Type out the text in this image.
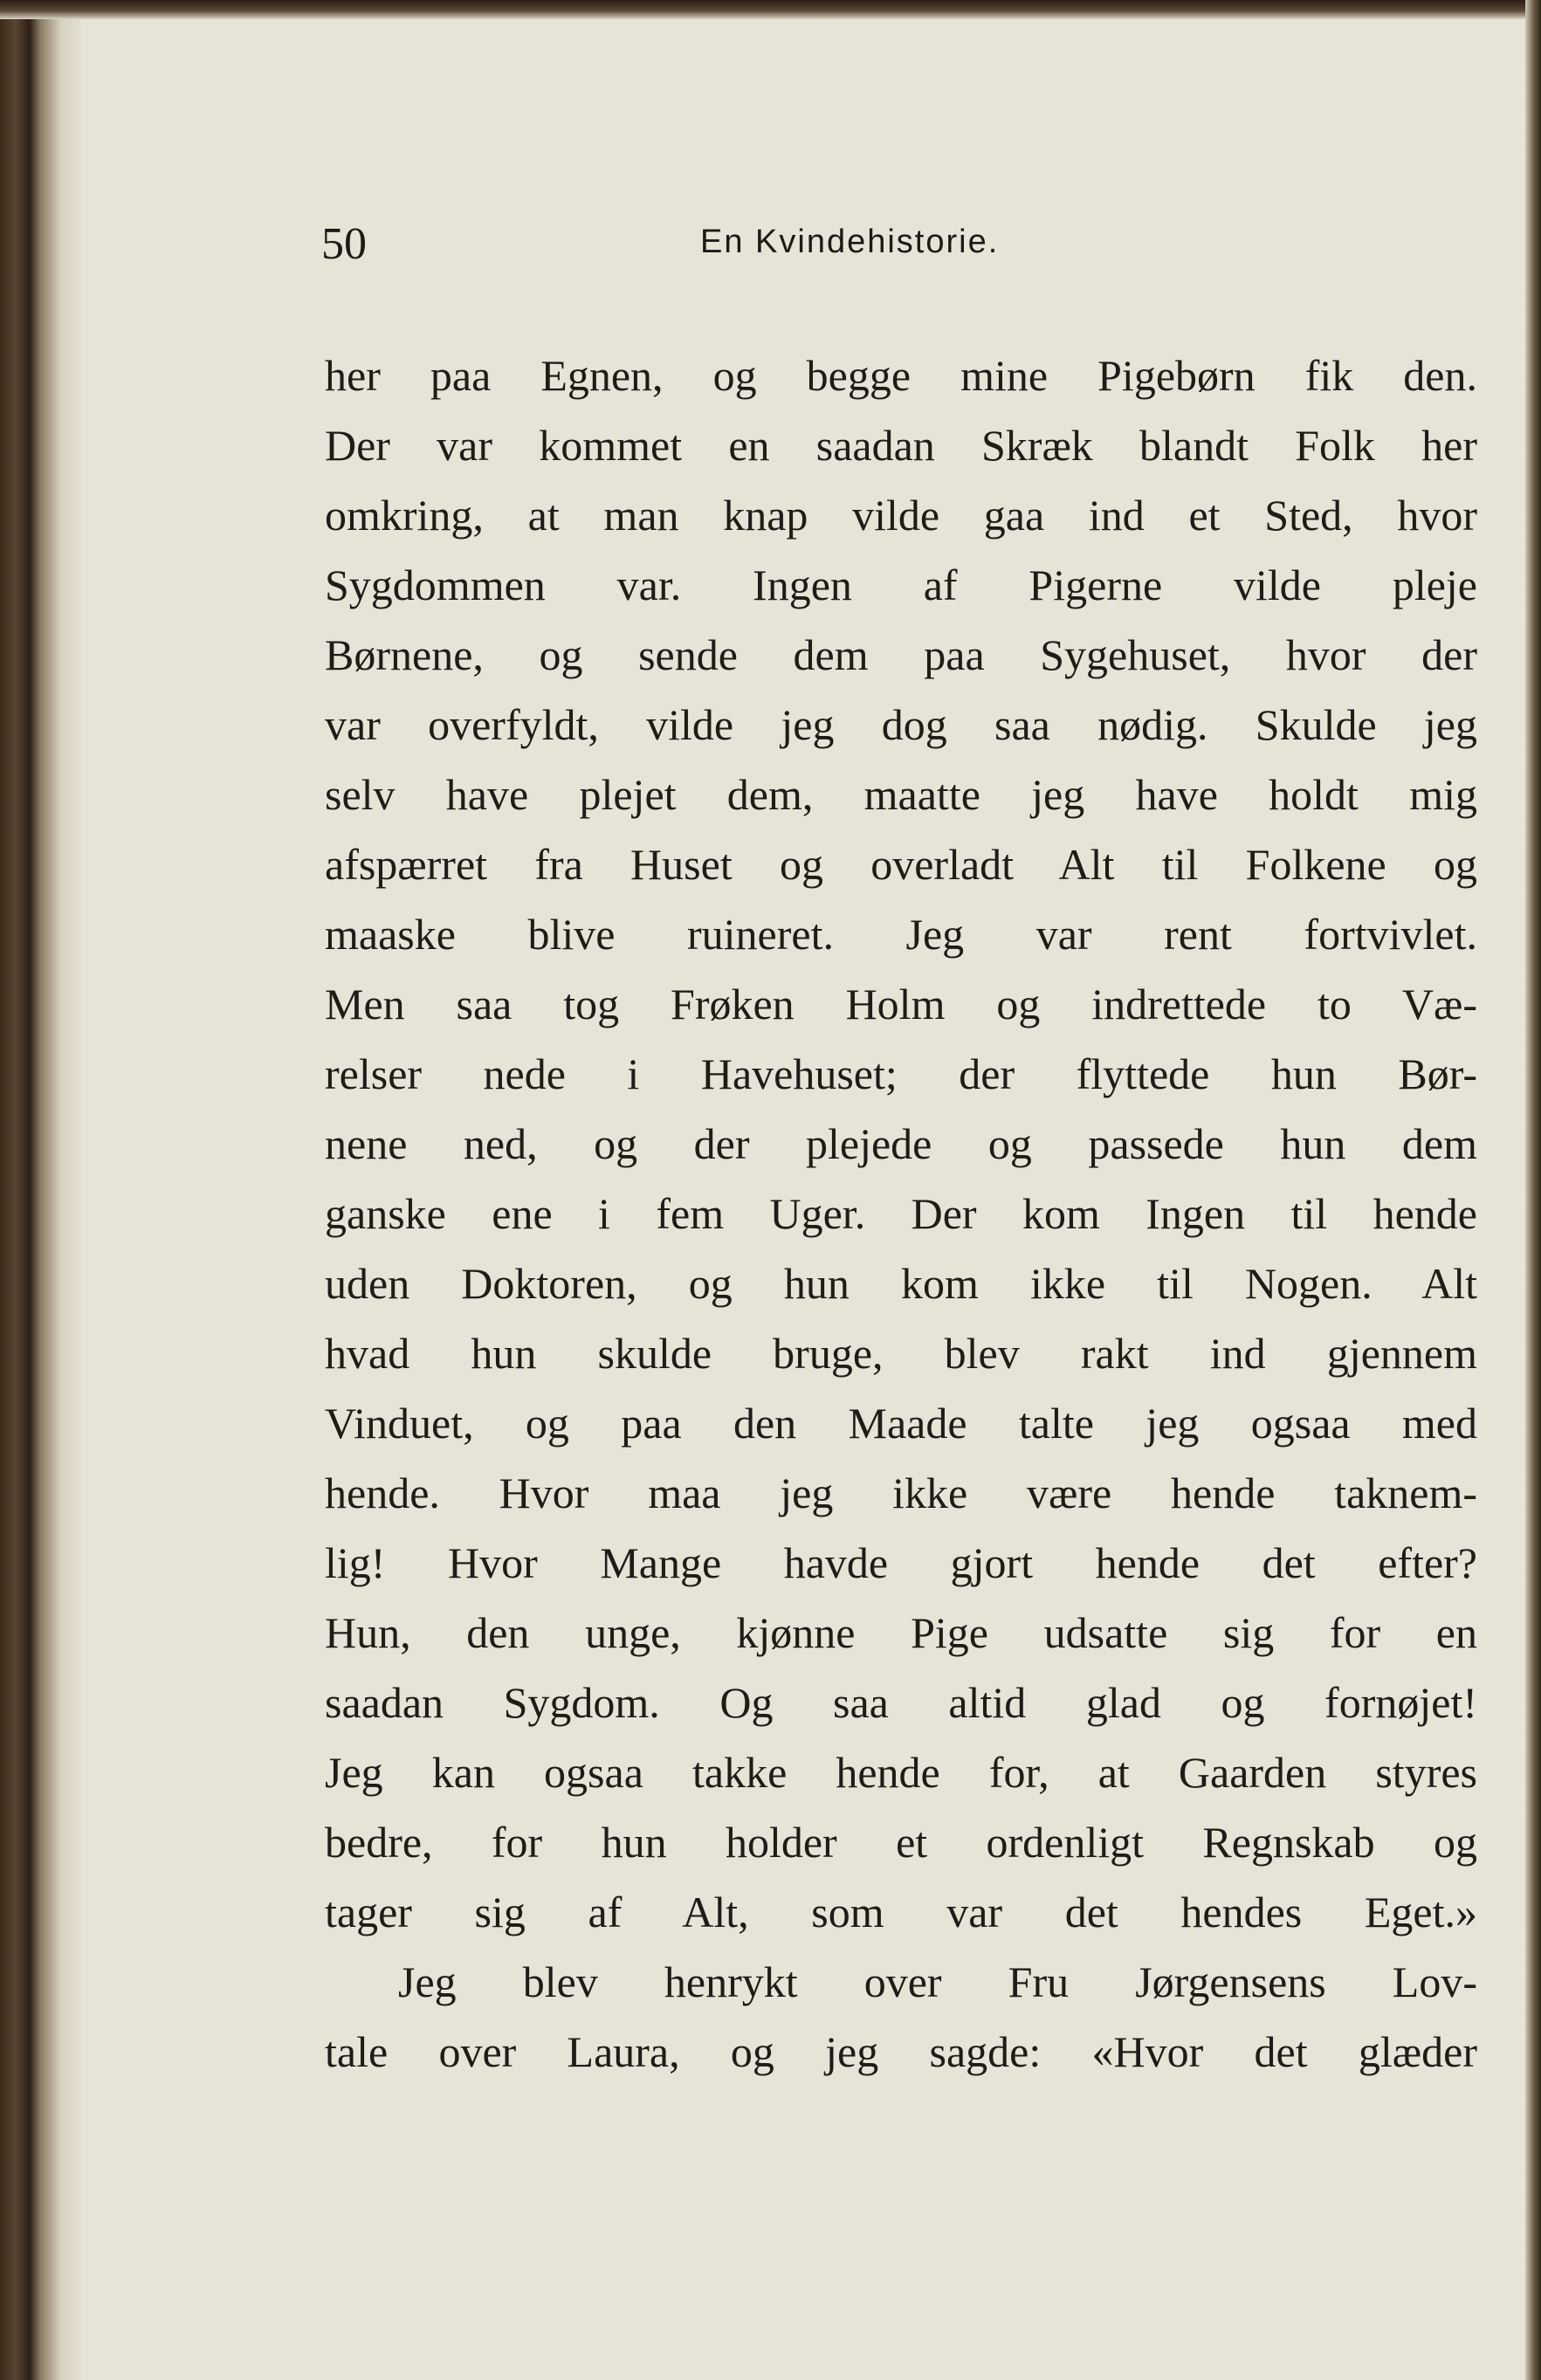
50	En Kvindehistorie.
her paa Egnen, og begge mine Pigebørn fik den.
Der var kommet en saadan Skræk blandt Folk her
omkring, at man knap vilde gaa ind et Sted, hvor
Sygdommen var. Ingen af Pigerne vilde pleje
Børnene, og sende dem paa Sygehuset, hvor der
var overfyldt, vilde jeg dog saa nødig. Skulde jeg
selv have plejet dem, maatte jeg have holdt mig
afspærret fra Huset og overladt Alt til Folkene og
maaske blive ruineret. Jeg var rent fortvivlet.
Men saa tog Frøken Holm og indrettede to Væ-
relser nede i Havehuset; der flyttede hun Bør-
nene ned, og der plejede og passede hun dem
ganske ene i fem Uger. Der kom Ingen til hende
uden Doktoren, og hun kom ikke til Nogen. Alt
hvad hun skulde bruge, blev rakt ind gjennem
Vinduet, og paa den Maade talte jeg ogsaa med
hende. Hvor maa jeg ikke være hende taknem-
lig! Hvor Mange havde gjort hende det efter?
Hun, den unge, kjønne Pige udsatte sig for en
saadan Sygdom. Og saa altid glad og fornøjet!
Jeg kan ogsaa takke hende for, at Gaarden styres
bedre, for hun holder et ordenligt Regnskab og
tager sig af Alt, som var det hendes Eget.»
Jeg blev henrykt over Fru Jørgensens Lov-
tale over Laura, og jeg sagde: «Hvor det glæder
